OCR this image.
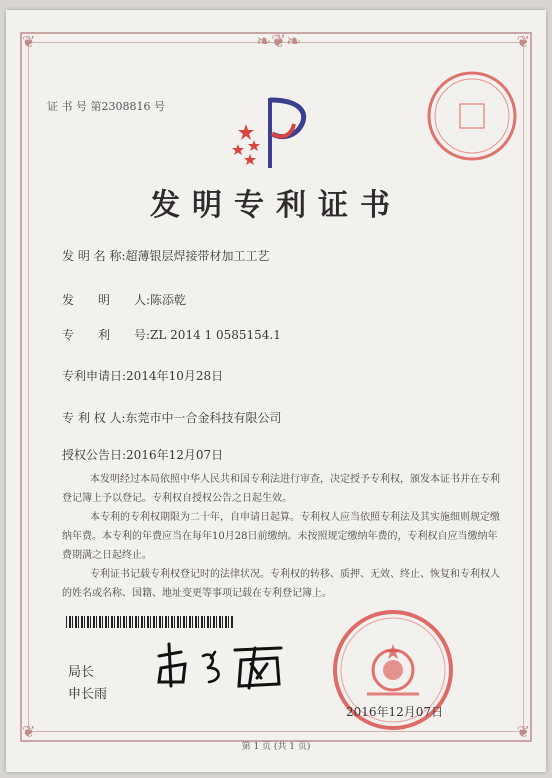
❦	❦
❦	❦
❧❦❧
证 书 号 第2308816 号
发明专利证书
发 明 名 称:超薄银层焊接带材加工工艺
发　　明　　人:陈添乾
专　　利　　号:ZL 2014 1 0585154.1
专利申请日:2014年10月28日
专 利 权 人:东莞市中一合金科技有限公司
授权公告日:2016年12月07日

本发明经过本局依照中华人民共和国专利法进行审查，决定授予专利权，颁发本证书并在专利登记簿上予以登记。专利权自授权公告之日起生效。

本专利的专利权期限为二十年，自申请日起算。专利权人应当依照专利法及其实施细则规定缴纳年费。本专利的年费应当在每年10月28日前缴纳。未按照规定缴纳年费的，专利权自应当缴纳年费期满之日起终止。

专利证书记载专利权登记时的法律状况。专利权的转移、质押、无效、终止、恢复和专利权人的姓名或名称、国籍、地址变更等事项记载在专利登记簿上。

局长
申长雨
2016年12月07日
第 1 页 (共 1 页)
